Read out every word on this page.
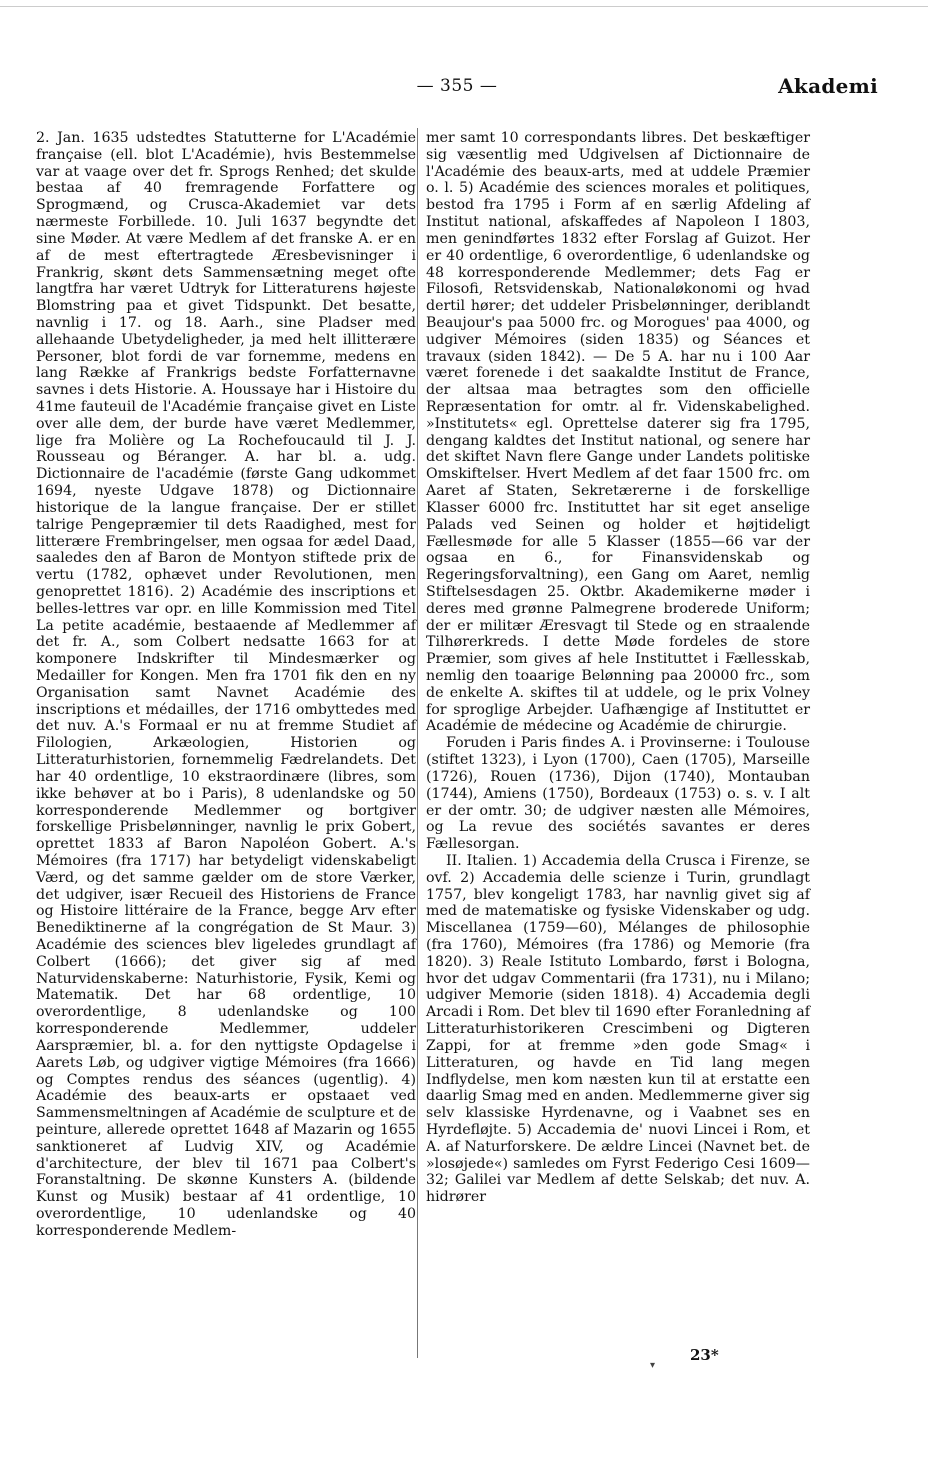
— 355 —	Akademi

2. Jan. 1635 udstedtes Statutterne for L'Académie française (ell. blot L'Académie), hvis Bestemmelse var at vaage over det fr. Sprogs Renhed; det skulde bestaa af 40 fremragende Forfattere og Sprogmænd, og Crusca-Akademiet var dets nærmeste Forbillede. 10. Juli 1637 begyndte det sine Møder. At være Medlem af det franske A. er en af de mest eftertragtede Æresbevisninger i Frankrig, skønt dets Sammensætning meget ofte langtfra har været Udtryk for Litteraturens højeste Blomstring paa et givet Tidspunkt. Det besatte, navnlig i 17. og 18. Aarh., sine Pladser med allehaande Ubetydeligheder, ja med helt illitterære Personer, blot fordi de var fornemme, medens en lang Række af Frankrigs bedste Forfatternavne savnes i dets Historie. A. Houssaye har i Histoire du 41me fauteuil de l'Académie française givet en Liste over alle dem, der burde have været Medlemmer, lige fra Molière og La Rochefoucauld til J. J. Rousseau og Béranger. A. har bl. a. udg. Dictionnaire de l'académie (første Gang udkommet 1694, nyeste Udgave 1878) og Dictionnaire historique de la langue française. Der er stillet talrige Pengepræmier til dets Raadighed, mest for litterære Frembringelser, men ogsaa for ædel Daad, saaledes den af Baron de Montyon stiftede prix de vertu (1782, ophævet under Revolutionen, men genoprettet 1816). 2) Académie des inscriptions et belles-lettres var opr. en lille Kommission med Titel La petite académie, bestaaende af Medlemmer af det fr. A., som Colbert nedsatte 1663 for at komponere Indskrifter til Mindesmærker og Medailler for Kongen. Men fra 1701 fik den en ny Organisation samt Navnet Académie des inscriptions et médailles, der 1716 ombyttedes med det nuv. A.'s Formaal er nu at fremme Studiet af Filologien, Arkæologien, Historien og Litteraturhistorien, fornemmelig Fædrelandets. Det har 40 ordentlige, 10 ekstraordinære (libres, som ikke behøver at bo i Paris), 8 udenlandske og 50 korresponderende Medlemmer og bortgiver forskellige Prisbelønninger, navnlig le prix Gobert, oprettet 1833 af Baron Napoléon Gobert. A.'s Mémoires (fra 1717) har betydeligt videnskabeligt Værd, og det samme gælder om de store Værker, det udgiver, især Recueil des Historiens de France og Histoire littéraire de la France, begge Arv efter Benediktinerne af la congrégation de St Maur. 3) Académie des sciences blev ligeledes grundlagt af Colbert (1666); det giver sig af med Naturvidenskaberne: Naturhistorie, Fysik, Kemi og Matematik. Det har 68 ordentlige, 10 overordentlige, 8 udenlandske og 100 korresponderende Medlemmer, uddeler Aarspræmier, bl. a. for den nyttigste Opdagelse i Aarets Løb, og udgiver vigtige Mémoires (fra 1666) og Comptes rendus des séances (ugentlig). 4) Académie des beaux-arts er opstaaet ved Sammensmeltningen af Académie de sculpture et de peinture, allerede oprettet 1648 af Mazarin og 1655 sanktioneret af Ludvig XIV, og Académie d'architecture, der blev til 1671 paa Colbert's Foranstaltning. De skønne Kunsters A. (bildende Kunst og Musik) bestaar af 41 ordentlige, 10 overordentlige, 10 udenlandske og 40 korresponderende Medlem-

mer samt 10 correspondants libres. Det beskæftiger sig væsentlig med Udgivelsen af Dictionnaire de l'Académie des beaux-arts, med at uddele Præmier o. l. 5) Académie des sciences morales et politiques, bestod fra 1795 i Form af en særlig Afdeling af Institut national, afskaffedes af Napoleon I 1803, men genindførtes 1832 efter Forslag af Guizot. Her er 40 ordentlige, 6 overordentlige, 6 udenlandske og 48 korresponderende Medlemmer; dets Fag er Filosofi, Retsvidenskab, Nationaløkonomi og hvad dertil hører; det uddeler Prisbelønninger, deriblandt Beaujour's paa 5000 frc. og Morogues' paa 4000, og udgiver Mémoires (siden 1835) og Séances et travaux (siden 1842). — De 5 A. har nu i 100 Aar været forenede i det saakaldte Institut de France, der altsaa maa betragtes som den officielle Repræsentation for omtr. al fr. Videnskabelighed. »Institutets« egl. Oprettelse daterer sig fra 1795, dengang kaldtes det Institut national, og senere har det skiftet Navn flere Gange under Landets politiske Omskiftelser. Hvert Medlem af det faar 1500 frc. om Aaret af Staten, Sekretærerne i de forskellige Klasser 6000 frc. Instituttet har sit eget anselige Palads ved Seinen og holder et højtideligt Fællesmøde for alle 5 Klasser (1855—66 var der ogsaa en 6., for Finansvidenskab og Regeringsforvaltning), een Gang om Aaret, nemlig Stiftelsesdagen 25. Oktbr. Akademikerne møder i deres med grønne Palmegrene broderede Uniform; der er militær Æresvagt til Stede og en straalende Tilhørerkreds. I dette Møde fordeles de store Præmier, som gives af hele Instituttet i Fællesskab, nemlig den toaarige Belønning paa 20000 frc., som de enkelte A. skiftes til at uddele, og le prix Volney for sproglige Arbejder. Uafhængige af Instituttet er Académie de médecine og Académie de chirurgie.

Foruden i Paris findes A. i Provinserne: i Toulouse (stiftet 1323), i Lyon (1700), Caen (1705), Marseille (1726), Rouen (1736), Dijon (1740), Montauban (1744), Amiens (1750), Bordeaux (1753) o. s. v. I alt er der omtr. 30; de udgiver næsten alle Mémoires, og La revue des sociétés savantes er deres Fællesorgan.

II. Italien. 1) Accademia della Crusca i Firenze, se ovf. 2) Accademia delle scienze i Turin, grundlagt 1757, blev kongeligt 1783, har navnlig givet sig af med de matematiske og fysiske Videnskaber og udg. Miscellanea (1759—60), Mélanges de philosophie (fra 1760), Mémoires (fra 1786) og Memorie (fra 1820). 3) Reale Istituto Lombardo, først i Bologna, hvor det udgav Commentarii (fra 1731), nu i Milano; udgiver Memorie (siden 1818). 4) Accademia degli Arcadi i Rom. Det blev til 1690 efter Foranledning af Litteraturhistorikeren Crescimbeni og Digteren Zappi, for at fremme »den gode Smag« i Litteraturen, og havde en Tid lang megen Indflydelse, men kom næsten kun til at erstatte een daarlig Smag med en anden. Medlemmerne giver sig selv klassiske Hyrdenavne, og i Vaabnet ses en Hyrdefløjte. 5) Accademia de' nuovi Lincei i Rom, et A. af Naturforskere. De ældre Lincei (Navnet bet. de »losøjede«) samledes om Fyrst Federigo Cesi 1609—32; Galilei var Medlem af dette Selskab; det nuv. A. hidrører

▾
23*
